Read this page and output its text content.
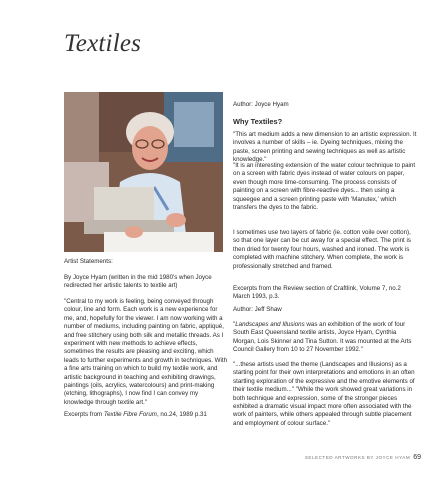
Textiles

Artist Statements:

By Joyce Hyam (written in the mid 1980's when Joyce redirected her artistic talents to textile art)

"Central to my work is feeling, being conveyed through colour, line and form. Each work is a new experience for me, and, hopefully for the viewer. I am now working with a number of mediums, including painting on fabric, appliqué, and free stitchery using both silk and metallic threads. As I experiment with new methods to achieve effects, sometimes the results are pleasing and exciting, which leads to further experiments and growth in techniques. With a fine arts training on which to build my textile work, and artistic background in teaching and exhibiting drawings, paintings (oils, acrylics, watercolours) and print-making (etching, lithographs), I now find I can convey my knowledge through textile art."

Excerpts from Textile Fibre Forum, no.24, 1989 p.31

Author: Joyce Hyam

Why Textiles?

"This art medium adds a new dimension to an artistic expression. It involves a number of skills – ie. Dyeing techniques, mixing the paste, screen printing and sewing techniques as well as artistic knowledge."

"It is an interesting extension of the water colour technique to paint on a screen with fabric dyes instead of water colours on paper, even though more time-consuming. The process consists of painting on a screen with fibre-reactive dyes... then using a squeegee and a screen printing paste with 'Manutex,' which transfers the dyes to the fabric.

I sometimes use two layers of fabric (ie. cotton voile over cotton), so that one layer can be cut away for a special effect. The print is then dried for twenty four hours, washed and ironed. The work is completed with machine stitchery. When complete, the work is professionally stretched and framed.

Excerpts from the Review section of Craftlink, Volume 7, no.2 March 1993, p.3.

Author: Jeff Shaw

"Landscapes and Illusions was an exhibition of the work of four South East Queensland textile artists, Joyce Hyam, Cynthia Morgan, Lois Skinner and Tina Sutton. It was mounted at the Arts Council Gallery from 10 to 27 November 1992."

"...these artists used the theme (Landscapes and Illusions) as a starting point for their own interpretations and emotions in an often startling exploration of the expressive and the emotive elements of their textile medium..." "While the work showed great variations in both technique and expression, some of the stronger pieces exhibited a dramatic visual impact more often associated with the work of painters, while others appealed through subtle placement and employment of colour surface."

SELECTED ARTWORKS BY JOYCE HYAM 69
